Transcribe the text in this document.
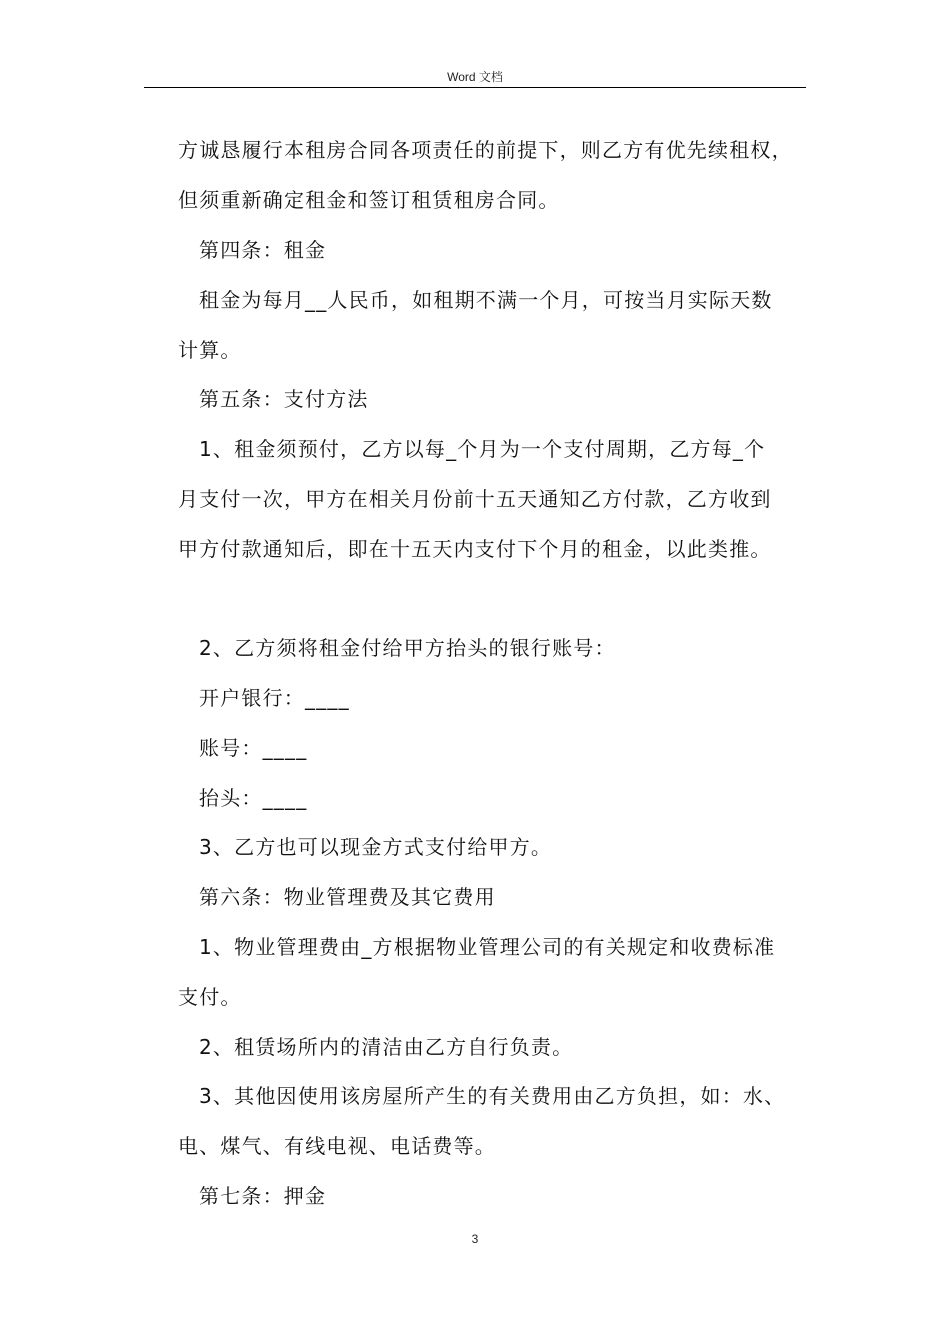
Word 文档
方诚恳履行本租房合同各项责任的前提下，则乙方有优先续租权，
但须重新确定租金和签订租赁租房合同。
第四条：租金
租金为每月__人民币，如租期不满一个月，可按当月实际天数
计算。
第五条：支付方法
1、租金须预付，乙方以每_个月为一个支付周期，乙方每_个
月支付一次，甲方在相关月份前十五天通知乙方付款，乙方收到
甲方付款通知后，即在十五天内支付下个月的租金，以此类推。
2、乙方须将租金付给甲方抬头的银行账号：
开户银行：____
账号：____
抬头：____
3、乙方也可以现金方式支付给甲方。
第六条：物业管理费及其它费用
1、物业管理费由_方根据物业管理公司的有关规定和收费标准
支付。
2、租赁场所内的清洁由乙方自行负责。
3、其他因使用该房屋所产生的有关费用由乙方负担，如：水、
电、煤气、有线电视、电话费等。
第七条：押金
3
